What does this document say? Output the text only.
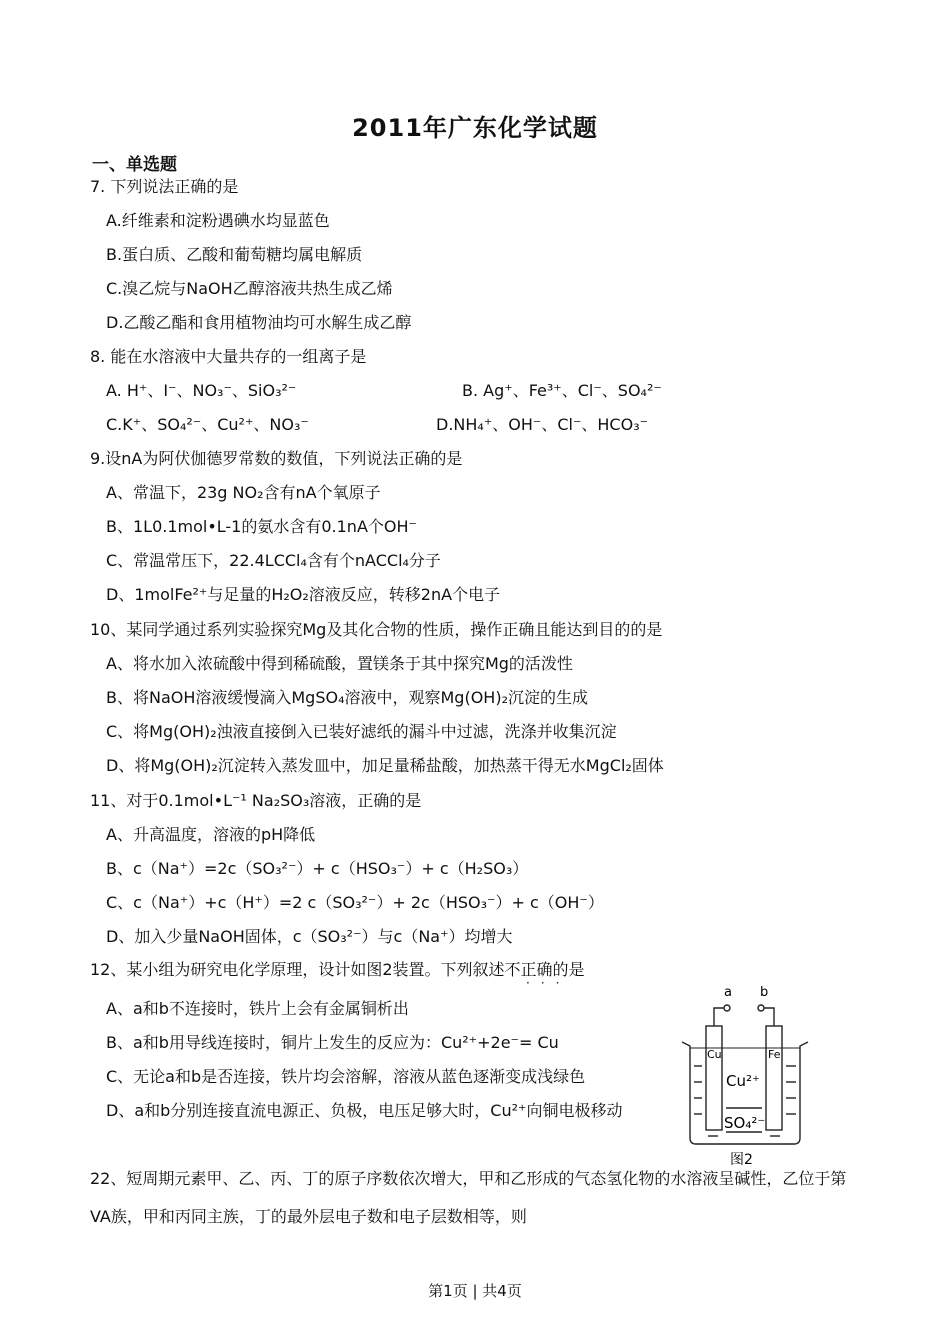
2011年广东化学试题
一、单选题
7. 下列说法正确的是
A.纤维素和淀粉遇碘水均显蓝色
B.蛋白质、乙酸和葡萄糖均属电解质
C.溴乙烷与NaOH乙醇溶液共热生成乙烯
D.乙酸乙酯和食用植物油均可水解生成乙醇
8. 能在水溶液中大量共存的一组离子是
A. H⁺、I⁻、NO₃⁻、SiO₃²⁻	B. Ag⁺、Fe³⁺、Cl⁻、SO₄²⁻
C.K⁺、SO₄²⁻、Cu²⁺、NO₃⁻	D.NH₄⁺、OH⁻、Cl⁻、HCO₃⁻
9.设nA为阿伏伽德罗常数的数值，下列说法正确的是
A、常温下，23g NO₂含有nA个氧原子
B、1L0.1mol•L-1的氨水含有0.1nA个OH⁻
C、常温常压下，22.4LCCl₄含有个nACCl₄分子
D、1molFe²⁺与足量的H₂O₂溶液反应，转移2nA个电子
10、某同学通过系列实验探究Mg及其化合物的性质，操作正确且能达到目的的是
A、将水加入浓硫酸中得到稀硫酸，置镁条于其中探究Mg的活泼性
B、将NaOH溶液缓慢滴入MgSO₄溶液中，观察Mg(OH)₂沉淀的生成
C、将Mg(OH)₂浊液直接倒入已装好滤纸的漏斗中过滤，洗涤并收集沉淀
D、将Mg(OH)₂沉淀转入蒸发皿中，加足量稀盐酸，加热蒸干得无水MgCl₂固体
11、对于0.1mol•L⁻¹ Na₂SO₃溶液，正确的是
A、升高温度，溶液的pH降低
B、c（Na⁺）=2c（SO₃²⁻）+ c（HSO₃⁻）+ c（H₂SO₃）
C、c（Na⁺）+c（H⁺）=2 c（SO₃²⁻）+ 2c（HSO₃⁻）+ c（OH⁻）
D、加入少量NaOH固体，c（SO₃²⁻）与c（Na⁺）均增大
12、某小组为研究电化学原理，设计如图2装置。下列叙述不正确的是
···
A、a和b不连接时，铁片上会有金属铜析出
B、a和b用导线连接时，铜片上发生的反应为：Cu²⁺+2e⁻= Cu
C、无论a和b是否连接，铁片均会溶解，溶液从蓝色逐渐变成浅绿色
D、a和b分别连接直流电源正、负极，电压足够大时，Cu²⁺向铜电极移动
a b
Cu	Fe
Cu²⁺
SO₄²⁻
图2
22、短周期元素甲、乙、丙、丁的原子序数依次增大，甲和乙形成的气态氢化物的水溶液呈碱性，乙位于第VA族，甲和丙同主族，丁的最外层电子数和电子层数相等，则
第1页 | 共4页
